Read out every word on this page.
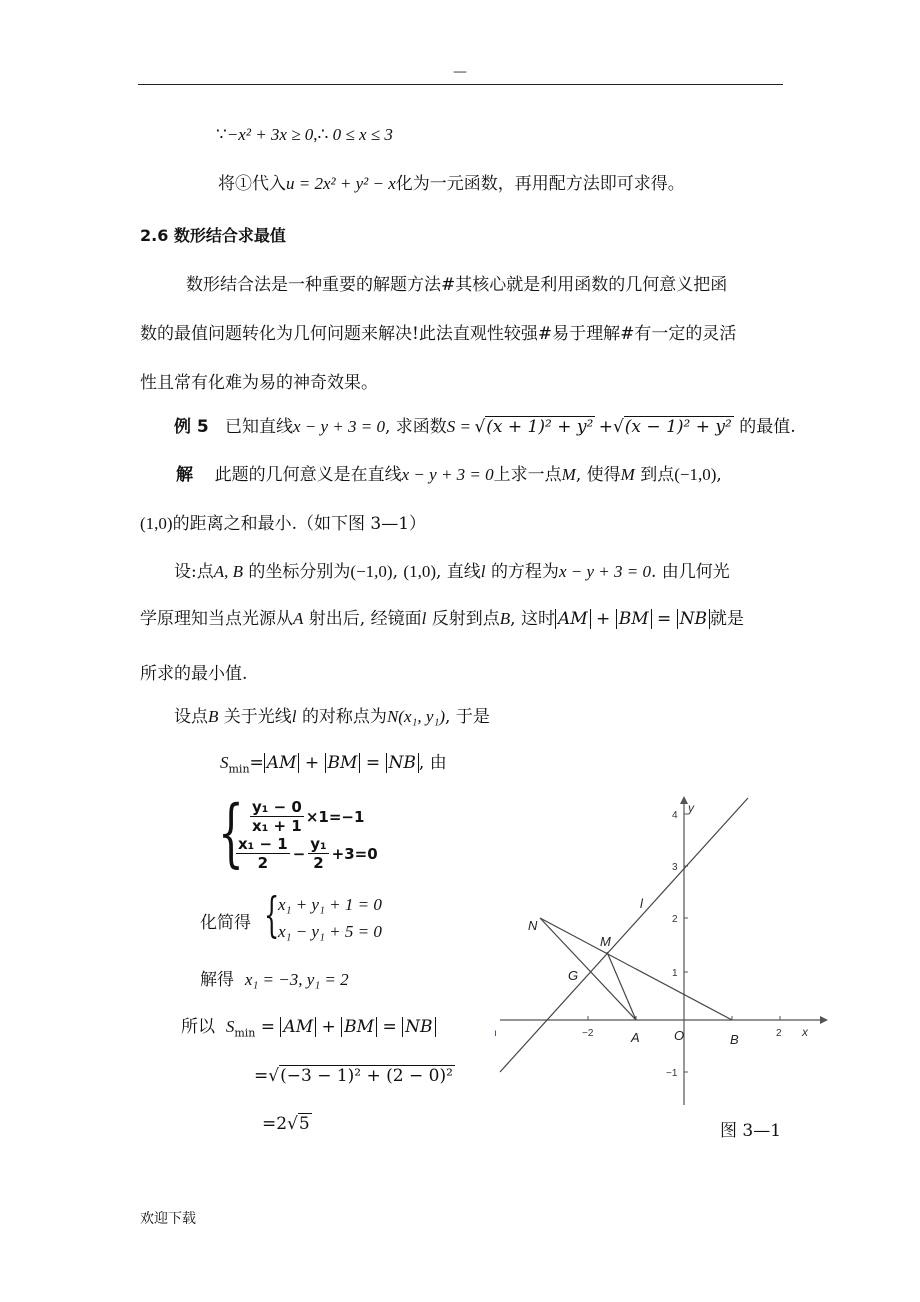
—
∵−x² + 3x ≥ 0,∴ 0 ≤ x ≤ 3
将①代入u = 2x² + y² − x化为一元函数，再用配方法即可求得。
2.6 数形结合求最值
数形结合法是一种重要的解题方法#其核心就是利用函数的几何意义把函
数的最值问题转化为几何问题来解决!此法直观性较强#易于理解#有一定的灵活
性且常有化难为易的神奇效果。
例 5 已知直线x − y + 3 = 0, 求函数S =  √(x + 1)² + y²  +√(x − 1)² + y² 的最值.
解 此题的几何意义是在直线x − y + 3 = 0上求一点M, 使得M 到点(−1,0),
(1,0)的距离之和最小.（如下图 3—1）
设:点A, B 的坐标分别为(−1,0), (1,0), 直线l 的方程为x − y + 3 = 0. 由几何光
学原理知当点光源从A 射出后, 经镜面l 反射到点B, 这时 AM + BM = NB 就是
所求的最小值.
设点B 关于光线l 的对称点为N(x₁, y₁), 于是
$S_{min}=$ AM + BM = NB , 由
{ $\frac{\text{y₁ − 0}}{\text{x₁ + 1}} \times 1=-1$
$\frac{\text{x₁ − 1}}{2} - \frac{\text{y₁}}{2} +3=0$
化简得 {
x₁ + y₁ + 1 = 0
x₁ − y₁ + 5 = 0
解得 x₁ = −3, y₁ = 2
所以 $S_{min}$ = AM + BM = NB
=√(−3 − 1)² + (2 − 0)²
=2√5
ı	−2	2
4
3
2
1
−1
x
y
N
M
G
A	O	B
l
图 3—1
欢迎下载
